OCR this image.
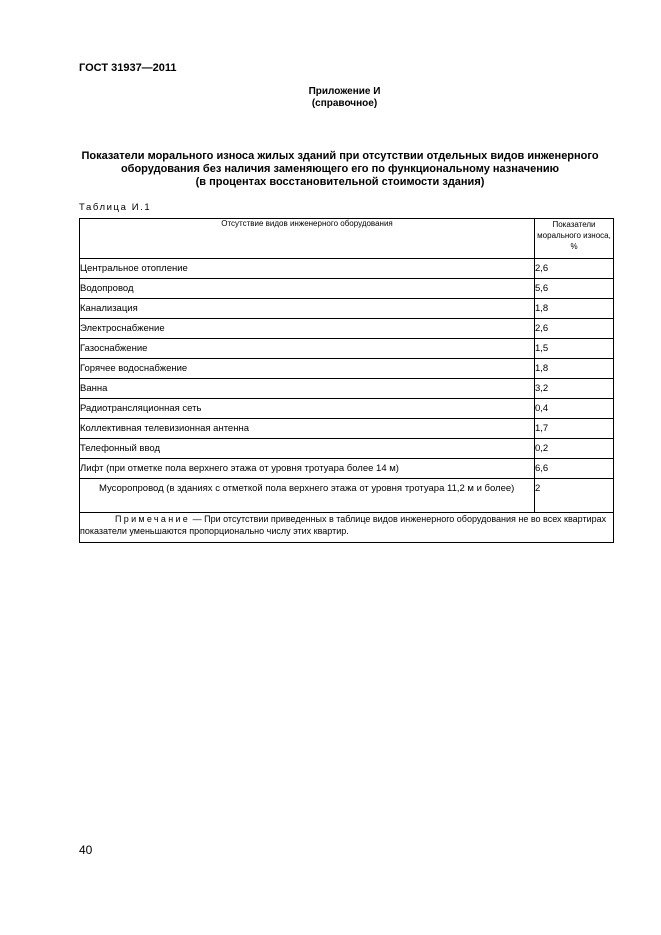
ГОСТ 31937—2011
Приложение И
(справочное)
Показатели морального износа жилых зданий при отсутствии отдельных видов инженерного
оборудования без наличия заменяющего его по функциональному назначению
(в процентах восстановительной стоимости здания)
Таблица И.1
Отсутствие видов инженерного оборудования	Показатели морального износа, %
Центральное отопление	2,6
Водопровод	5,6
Канализация	1,8
Электроснабжение	2,6
Газоснабжение	1,5
Горячее водоснабжение	1,8
Ванна	3,2
Радиотрансляционная сеть	0,4
Коллективная телевизионная антенна	1,7
Телефонный ввод	0,2
Лифт (при отметке пола верхнего этажа от уровня тротуара более 14 м)	6,6
Мусоропровод (в зданиях с отметкой пола верхнего этажа от уровня тротуара 11,2 м и более)	2
Примечание — При отсутствии приведенных в таблице видов инженерного оборудования не во всех квартирах показатели уменьшаются пропорционально числу этих квартир.	
40
